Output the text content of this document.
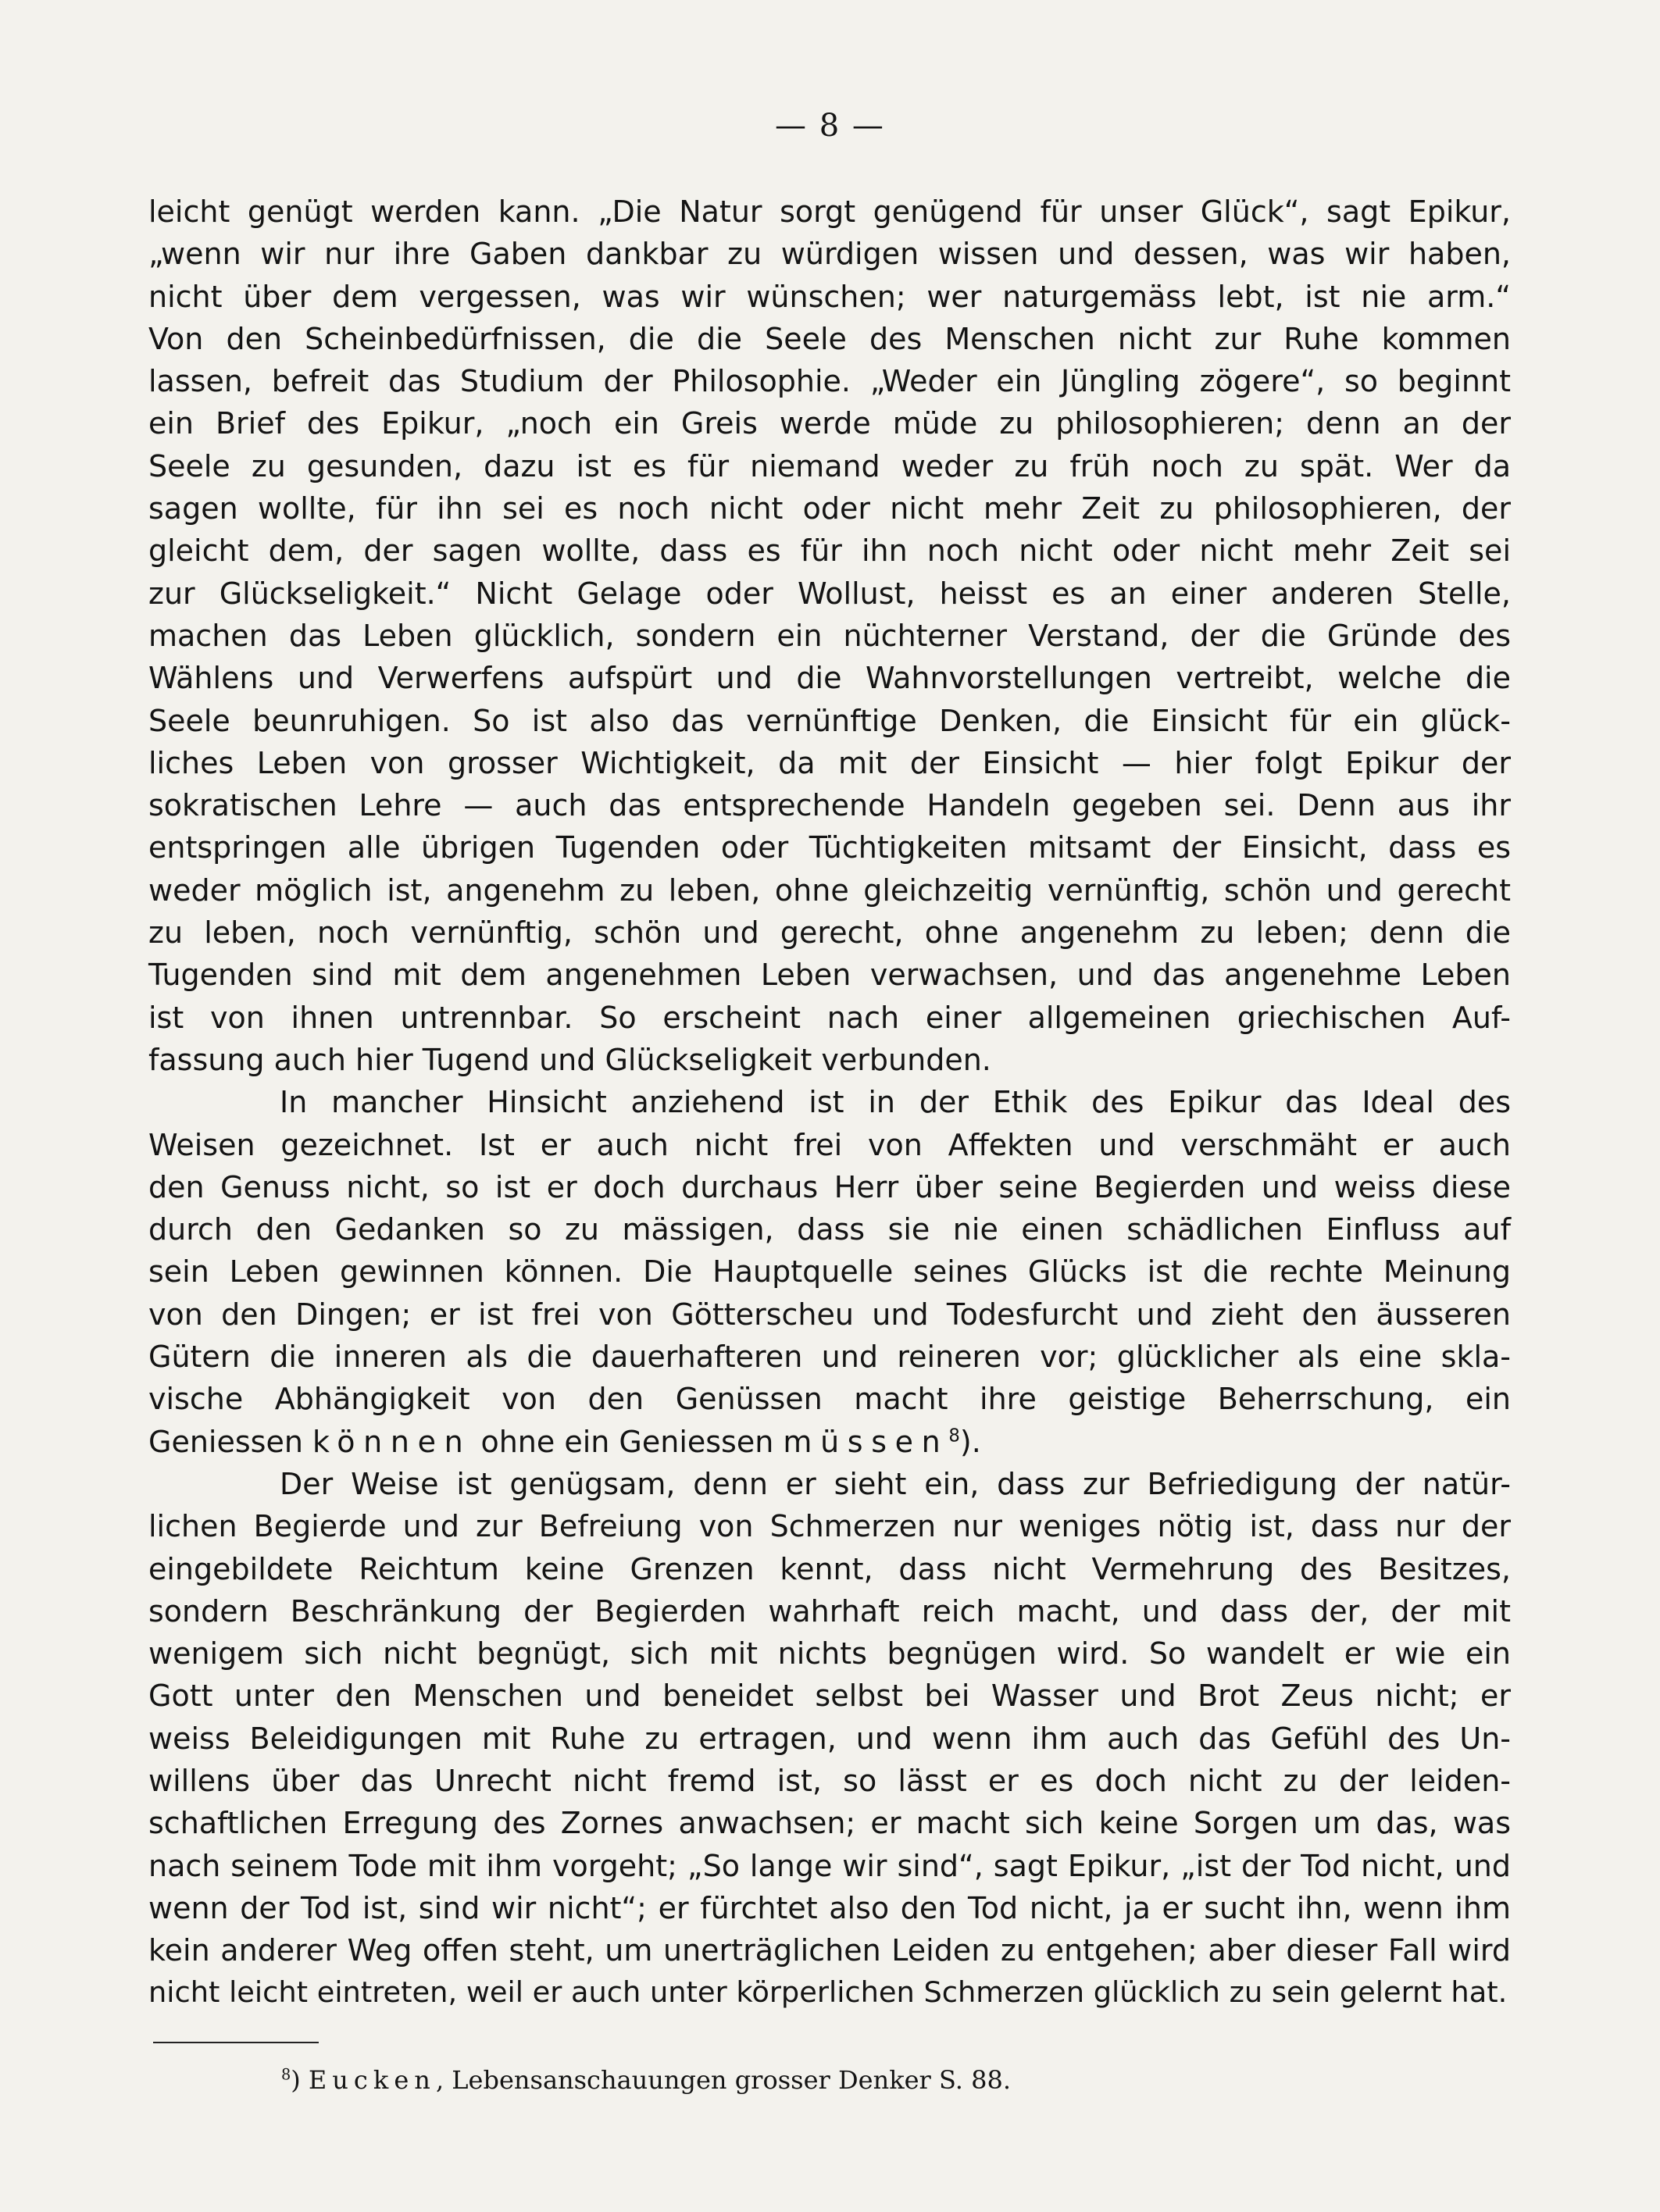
— 8 —
leicht genügt werden kann. „Die Natur sorgt genügend für unser Glück“, sagt Epikur,
„wenn wir nur ihre Gaben dankbar zu würdigen wissen und dessen, was wir haben,
nicht über dem vergessen, was wir wünschen; wer naturgemäss lebt, ist nie arm.“
Von den Scheinbedürfnissen, die die Seele des Menschen nicht zur Ruhe kommen
lassen, befreit das Studium der Philosophie. „Weder ein Jüngling zögere“, so beginnt
ein Brief des Epikur, „noch ein Greis werde müde zu philosophieren; denn an der
Seele zu gesunden, dazu ist es für niemand weder zu früh noch zu spät. Wer da
sagen wollte, für ihn sei es noch nicht oder nicht mehr Zeit zu philosophieren, der
gleicht dem, der sagen wollte, dass es für ihn noch nicht oder nicht mehr Zeit sei
zur Glückseligkeit.“ Nicht Gelage oder Wollust, heisst es an einer anderen Stelle,
machen das Leben glücklich, sondern ein nüchterner Verstand, der die Gründe des
Wählens und Verwerfens aufspürt und die Wahnvorstellungen vertreibt, welche die
Seele beunruhigen. So ist also das vernünftige Denken, die Einsicht für ein glück-
liches Leben von grosser Wichtigkeit, da mit der Einsicht — hier folgt Epikur der
sokratischen Lehre — auch das entsprechende Handeln gegeben sei. Denn aus ihr
entspringen alle übrigen Tugenden oder Tüchtigkeiten mitsamt der Einsicht, dass es
weder möglich ist, angenehm zu leben, ohne gleichzeitig vernünftig, schön und gerecht
zu leben, noch vernünftig, schön und gerecht, ohne angenehm zu leben; denn die
Tugenden sind mit dem angenehmen Leben verwachsen, und das angenehme Leben
ist von ihnen untrennbar. So erscheint nach einer allgemeinen griechischen Auf-
fassung auch hier Tugend und Glückseligkeit verbunden.
In mancher Hinsicht anziehend ist in der Ethik des Epikur das Ideal des
Weisen gezeichnet. Ist er auch nicht frei von Affekten und verschmäht er auch
den Genuss nicht, so ist er doch durchaus Herr über seine Begierden und weiss diese
durch den Gedanken so zu mässigen, dass sie nie einen schädlichen Einfluss auf
sein Leben gewinnen können. Die Hauptquelle seines Glücks ist die rechte Meinung
von den Dingen; er ist frei von Götterscheu und Todesfurcht und zieht den äusseren
Gütern die inneren als die dauerhafteren und reineren vor; glücklicher als eine skla-
vische Abhängigkeit von den Genüssen macht ihre geistige Beherrschung, ein
Geniessen können ohne ein Geniessen müssen$^8$).
Der Weise ist genügsam, denn er sieht ein, dass zur Befriedigung der natür-
lichen Begierde und zur Befreiung von Schmerzen nur weniges nötig ist, dass nur der
eingebildete Reichtum keine Grenzen kennt, dass nicht Vermehrung des Besitzes,
sondern Beschränkung der Begierden wahrhaft reich macht, und dass der, der mit
wenigem sich nicht begnügt, sich mit nichts begnügen wird. So wandelt er wie ein
Gott unter den Menschen und beneidet selbst bei Wasser und Brot Zeus nicht; er
weiss Beleidigungen mit Ruhe zu ertragen, und wenn ihm auch das Gefühl des Un-
willens über das Unrecht nicht fremd ist, so lässt er es doch nicht zu der leiden-
schaftlichen Erregung des Zornes anwachsen; er macht sich keine Sorgen um das, was
nach seinem Tode mit ihm vorgeht; „So lange wir sind“, sagt Epikur, „ist der Tod nicht, und
wenn der Tod ist, sind wir nicht“; er fürchtet also den Tod nicht, ja er sucht ihn, wenn ihm
kein anderer Weg offen steht, um unerträglichen Leiden zu entgehen; aber dieser Fall wird
nicht leicht eintreten, weil er auch unter körperlichen Schmerzen glücklich zu sein gelernt hat.
$^8$) Eucken, Lebensanschauungen grosser Denker S. 88.
